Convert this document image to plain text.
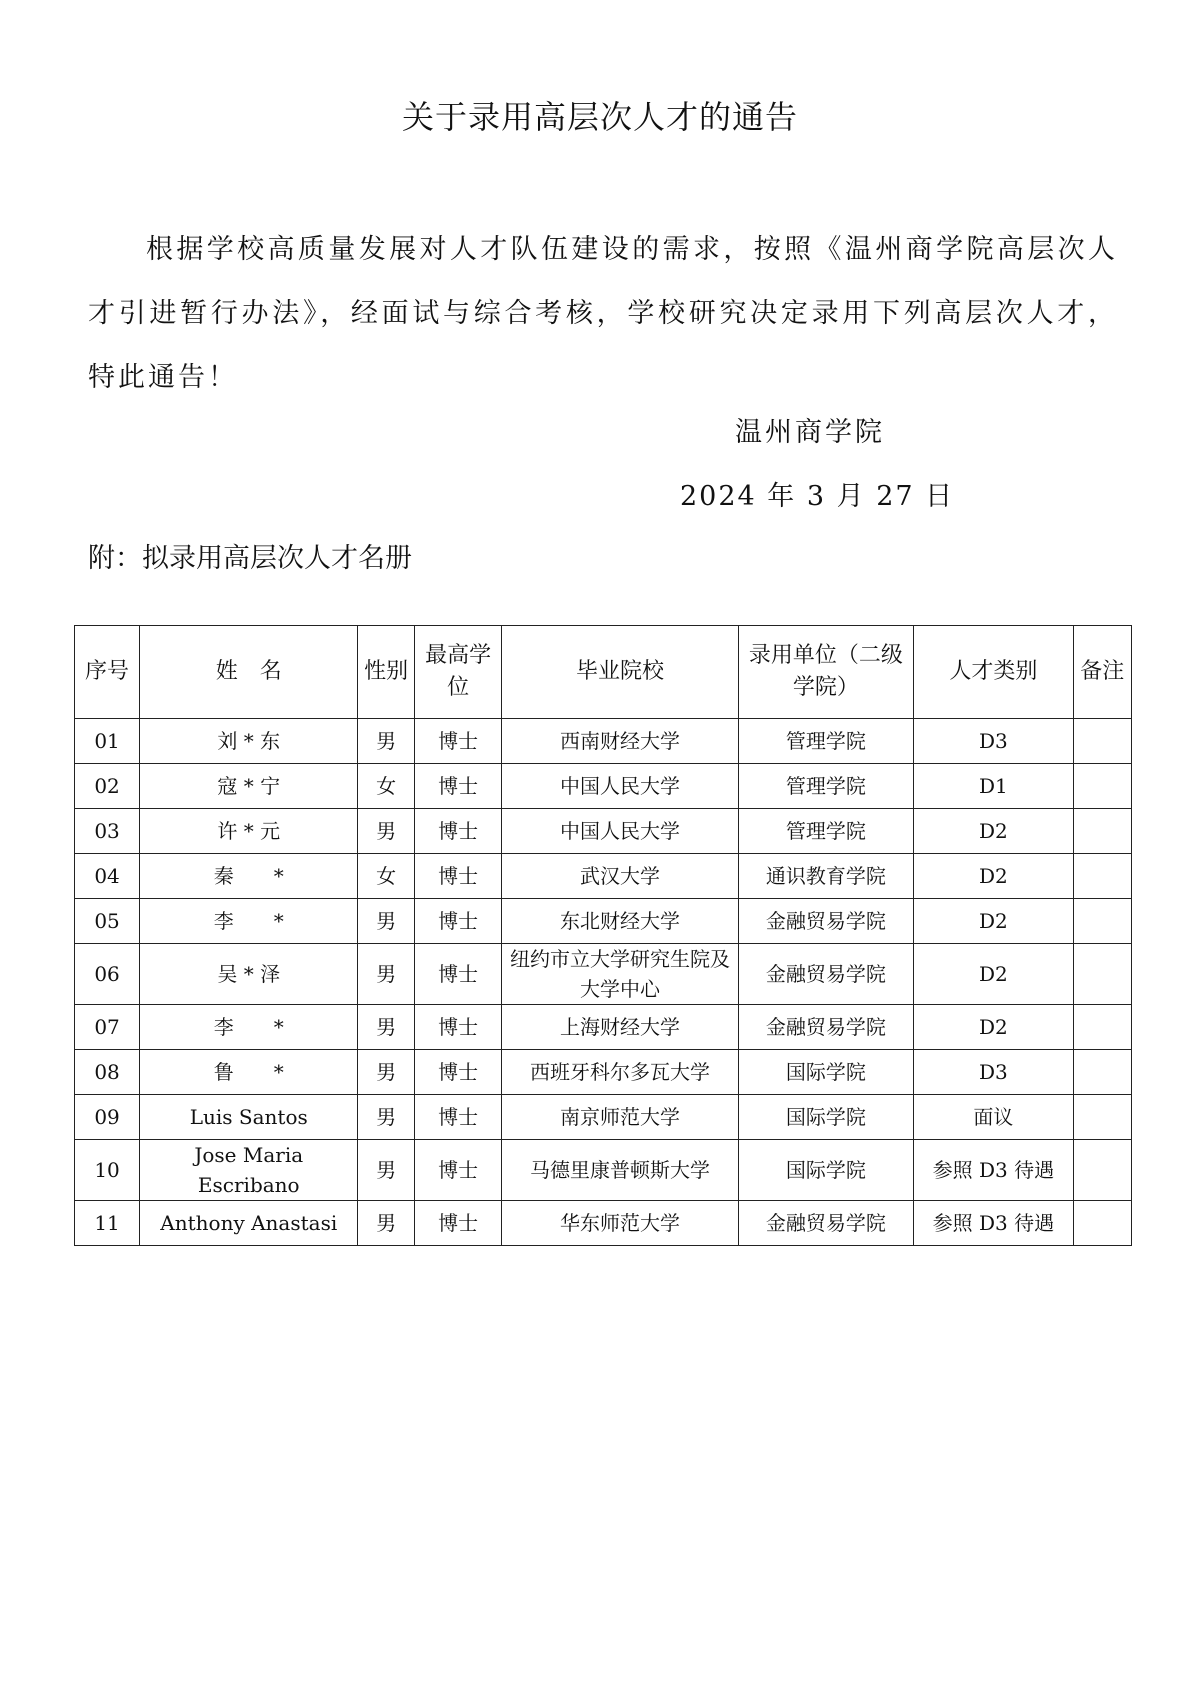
关于录用高层次人才的通告

根据学校高质量发展对人才队伍建设的需求，按照《温州商学院高层次人才引进暂行办法》，经面试与综合考核，学校研究决定录用下列高层次人才，特此通告！

温州商学院

2024 年 3 月 27 日

附：拟录用高层次人才名册

序号	姓　名	性别	最高学位	毕业院校	录用单位（二级学院）	人才类别	备注
01	刘 * 东	男	博士	西南财经大学	管理学院	D3	
02	寇 * 宁	女	博士	中国人民大学	管理学院	D1	
03	许 * 元	男	博士	中国人民大学	管理学院	D2	
04	秦　　*	女	博士	武汉大学	通识教育学院	D2	
05	李　　*	男	博士	东北财经大学	金融贸易学院	D2	
06	吴 * 泽	男	博士	纽约市立大学研究生院及大学中心	金融贸易学院	D2	
07	李　　*	男	博士	上海财经大学	金融贸易学院	D2	
08	鲁　　*	男	博士	西班牙科尔多瓦大学	国际学院	D3	
09	Luis Santos	男	博士	南京师范大学	国际学院	面议	
10	Jose Maria Escribano	男	博士	马德里康普顿斯大学	国际学院	参照 D3 待遇	
11	Anthony Anastasi	男	博士	华东师范大学	金融贸易学院	参照 D3 待遇	
